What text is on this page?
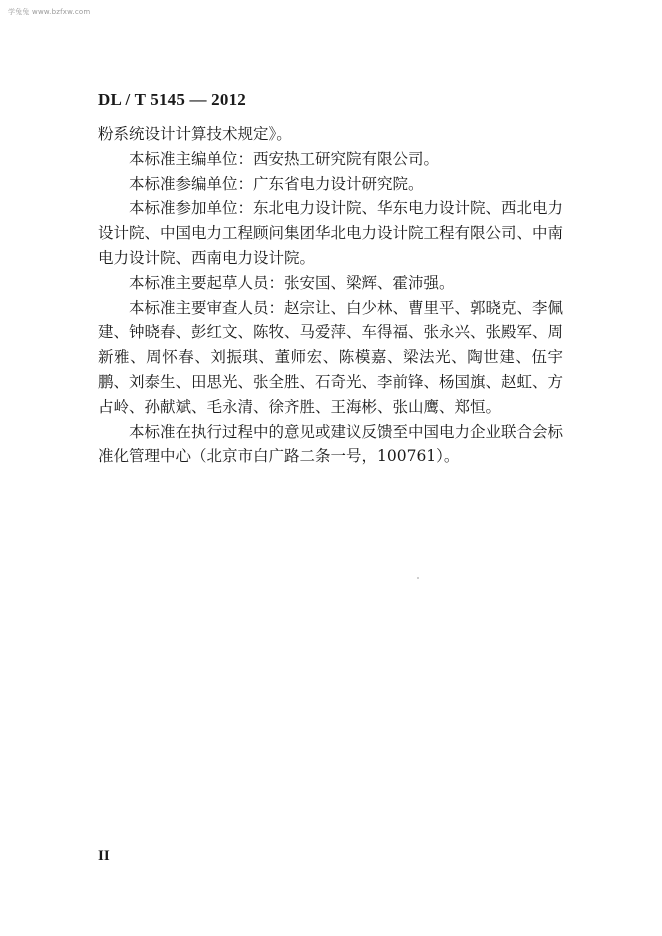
学兔兔 www.bzfxw.com
DL / T 5145 — 2012

粉系统设计计算技术规定》。

本标准主编单位：西安热工研究院有限公司。

本标准参编单位：广东省电力设计研究院。

本标准参加单位：东北电力设计院、华东电力设计院、西北电力设计院、中国电力工程顾问集团华北电力设计院工程有限公司、中南电力设计院、西南电力设计院。

本标准主要起草人员：张安国、梁辉、霍沛强。

本标准主要审查人员：赵宗让、白少林、曹里平、郭晓克、李佩建、钟晓春、彭红文、陈牧、马爱萍、车得福、张永兴、张殿军、周新雅、周怀春、刘振琪、董师宏、陈模嘉、梁法光、陶世建、伍宇鹏、刘泰生、田思光、张全胜、石奇光、李前锋、杨国旗、赵虹、方占岭、孙献斌、毛永清、徐齐胜、王海彬、张山鹰、郑恒。

本标准在执行过程中的意见或建议反馈至中国电力企业联合会标准化管理中心（北京市白广路二条一号，100761）。

II
